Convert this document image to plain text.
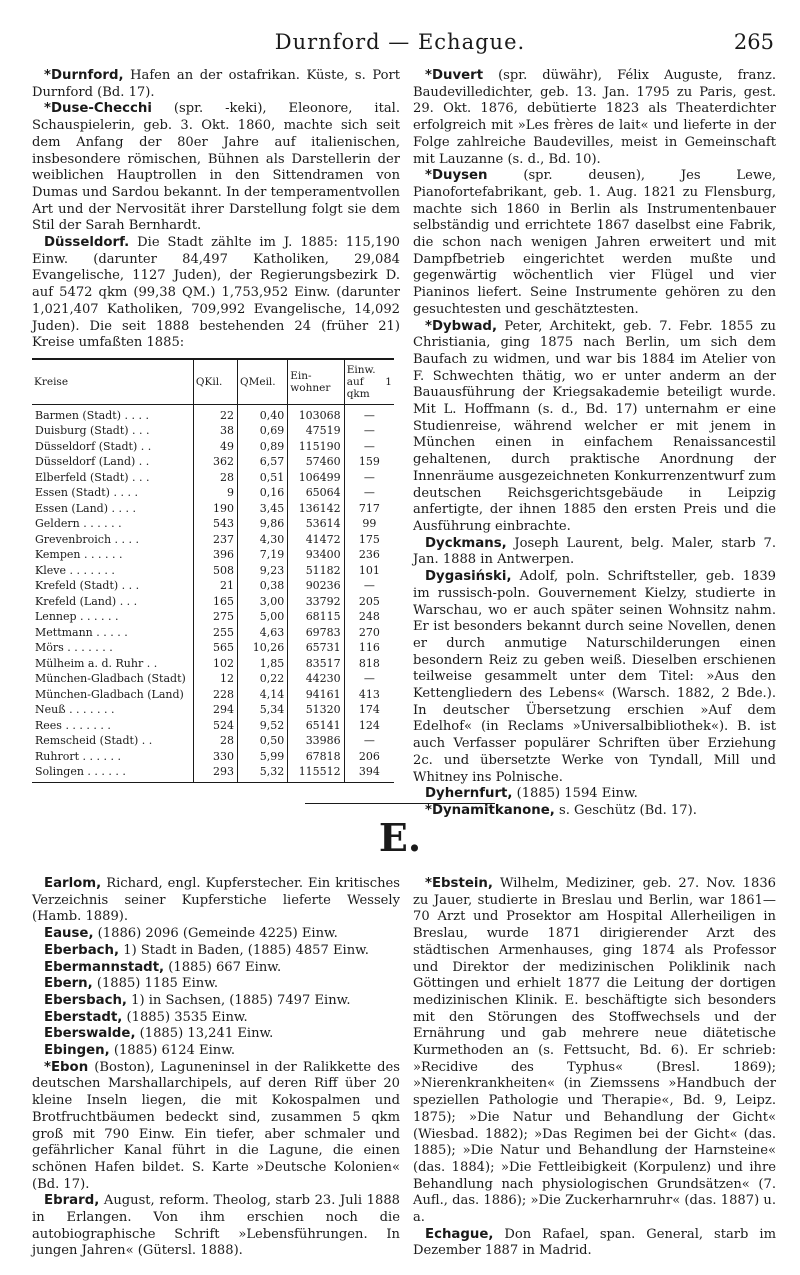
Durnford — Echague.	265
*Durnford, Hafen an der ostafrikan. Küste, s. Port Durnford (Bd. 17).
*Duse-Checchi (spr. -keki), Eleonore, ital. Schauspielerin, geb. 3. Okt. 1860, machte sich seit dem Anfang der 80er Jahre auf italienischen, insbesondere römischen, Bühnen als Darstellerin der weiblichen Hauptrollen in den Sittendramen von Dumas und Sardou bekannt. In der temperamentvollen Art und der Nervosität ihrer Darstellung folgt sie dem Stil der Sarah Bernhardt.
Düsseldorf. Die Stadt zählte im J. 1885: 115,190 Einw. (darunter 84,497 Katholiken, 29,084 Evangelische, 1127 Juden), der Regierungsbezirk D. auf 5472 qkm (99,38 QM.) 1,753,952 Einw. (darunter 1,021,407 Katholiken, 709,992 Evangelische, 14,092 Juden). Die seit 1888 bestehenden 24 (früher 21) Kreise umfaßten 1885:
Kreise	QKil.	QMeil.	Ein-wohner	Einw. auf 1 qkm
Barmen (Stadt) . . . .	22	0,40	103068	—
Duisburg (Stadt) . . .	38	0,69	47519	—
Düsseldorf (Stadt) . .	49	0,89	115190	—
Düsseldorf (Land) . .	362	6,57	57460	159
Elberfeld (Stadt) . . .	28	0,51	106499	—
Essen (Stadt) . . . .	9	0,16	65064	—
Essen (Land) . . . .	190	3,45	136142	717
Geldern . . . . . .	543	9,86	53614	99
Grevenbroich . . . .	237	4,30	41472	175
Kempen . . . . . .	396	7,19	93400	236
Kleve . . . . . . .	508	9,23	51182	101
Krefeld (Stadt) . . .	21	0,38	90236	—
Krefeld (Land) . . .	165	3,00	33792	205
Lennep . . . . . .	275	5,00	68115	248
Mettmann . . . . .	255	4,63	69783	270
Mörs . . . . . . .	565	10,26	65731	116
Mülheim a. d. Ruhr . .	102	1,85	83517	818
München-Gladbach (Stadt)	12	0,22	44230	—
München-Gladbach (Land)	228	4,14	94161	413
Neuß . . . . . . .	294	5,34	51320	174
Rees . . . . . . .	524	9,52	65141	124
Remscheid (Stadt) . .	28	0,50	33986	—
Ruhrort . . . . . .	330	5,99	67818	206
Solingen . . . . . .	293	5,32	115512	394
*Duvert (spr. düwähr), Félix Auguste, franz. Baudevilledichter, geb. 13. Jan. 1795 zu Paris, gest. 29. Okt. 1876, debütierte 1823 als Theaterdichter erfolgreich mit »Les frères de lait« und lieferte in der Folge zahlreiche Baudevilles, meist in Gemeinschaft mit Lauzanne (s. d., Bd. 10).
*Duysen (spr. deusen), Jes Lewe, Pianofortefabrikant, geb. 1. Aug. 1821 zu Flensburg, machte sich 1860 in Berlin als Instrumentenbauer selbständig und errichtete 1867 daselbst eine Fabrik, die schon nach wenigen Jahren erweitert und mit Dampfbetrieb eingerichtet werden mußte und gegenwärtig wöchentlich vier Flügel und vier Pianinos liefert. Seine Instrumente gehören zu den gesuchtesten und geschätztesten.
*Dybwad, Peter, Architekt, geb. 7. Febr. 1855 zu Christiania, ging 1875 nach Berlin, um sich dem Baufach zu widmen, und war bis 1884 im Atelier von F. Schwechten thätig, wo er unter anderm an der Bauausführung der Kriegsakademie beteiligt wurde. Mit L. Hoffmann (s. d., Bd. 17) unternahm er eine Studienreise, während welcher er mit jenem in München einen in einfachem Renaissancestil gehaltenen, durch praktische Anordnung der Innenräume ausgezeichneten Konkurrenzentwurf zum deutschen Reichsgerichtsgebäude in Leipzig anfertigte, der ihnen 1885 den ersten Preis und die Ausführung einbrachte.
Dyckmans, Joseph Laurent, belg. Maler, starb 7. Jan. 1888 in Antwerpen.
Dygasiński, Adolf, poln. Schriftsteller, geb. 1839 im russisch-poln. Gouvernement Kielzy, studierte in Warschau, wo er auch später seinen Wohnsitz nahm. Er ist besonders bekannt durch seine Novellen, denen er durch anmutige Naturschilderungen einen besondern Reiz zu geben weiß. Dieselben erschienen teilweise gesammelt unter dem Titel: »Aus den Kettengliedern des Lebens« (Warsch. 1882, 2 Bde.). In deutscher Übersetzung erschien »Auf dem Edelhof« (in Reclams »Universalbibliothek«). B. ist auch Verfasser populärer Schriften über Erziehung 2c. und übersetzte Werke von Tyndall, Mill und Whitney ins Polnische.
Dyhernfurt, (1885) 1594 Einw.
*Dynamitkanone, s. Geschütz (Bd. 17).
E.
Earlom, Richard, engl. Kupferstecher. Ein kritisches Verzeichnis seiner Kupferstiche lieferte Wessely (Hamb. 1889).
Eause, (1886) 2096 (Gemeinde 4225) Einw.
Eberbach, 1) Stadt in Baden, (1885) 4857 Einw.
Ebermannstadt, (1885) 667 Einw.
Ebern, (1885) 1185 Einw.
Ebersbach, 1) in Sachsen, (1885) 7497 Einw.
Eberstadt, (1885) 3535 Einw.
Eberswalde, (1885) 13,241 Einw.
Ebingen, (1885) 6124 Einw.
*Ebon (Boston), Laguneninsel in der Ralikkette des deutschen Marshallarchipels, auf deren Riff über 20 kleine Inseln liegen, die mit Kokospalmen und Brotfruchtbäumen bedeckt sind, zusammen 5 qkm groß mit 790 Einw. Ein tiefer, aber schmaler und gefährlicher Kanal führt in die Lagune, die einen schönen Hafen bildet. S. Karte »Deutsche Kolonien« (Bd. 17).
Ebrard, August, reform. Theolog, starb 23. Juli 1888 in Erlangen. Von ihm erschien noch die autobiographische Schrift »Lebensführungen. In jungen Jahren« (Gütersl. 1888).
*Ebstein, Wilhelm, Mediziner, geb. 27. Nov. 1836 zu Jauer, studierte in Breslau und Berlin, war 1861—70 Arzt und Prosektor am Hospital Allerheiligen in Breslau, wurde 1871 dirigierender Arzt des städtischen Armenhauses, ging 1874 als Professor und Direktor der medizinischen Poliklinik nach Göttingen und erhielt 1877 die Leitung der dortigen medizinischen Klinik. E. beschäftigte sich besonders mit den Störungen des Stoffwechsels und der Ernährung und gab mehrere neue diätetische Kurmethoden an (s. Fettsucht, Bd. 6). Er schrieb: »Recidive des Typhus« (Bresl. 1869); »Nierenkrankheiten« (in Ziemssens »Handbuch der speziellen Pathologie und Therapie«, Bd. 9, Leipz. 1875); »Die Natur und Behandlung der Gicht« (Wiesbad. 1882); »Das Regimen bei der Gicht« (das. 1885); »Die Natur und Behandlung der Harnsteine« (das. 1884); »Die Fettleibigkeit (Korpulenz) und ihre Behandlung nach physiologischen Grundsätzen« (7. Aufl., das. 1886); »Die Zuckerharnruhr« (das. 1887) u. a.
Echague, Don Rafael, span. General, starb im Dezember 1887 in Madrid.
